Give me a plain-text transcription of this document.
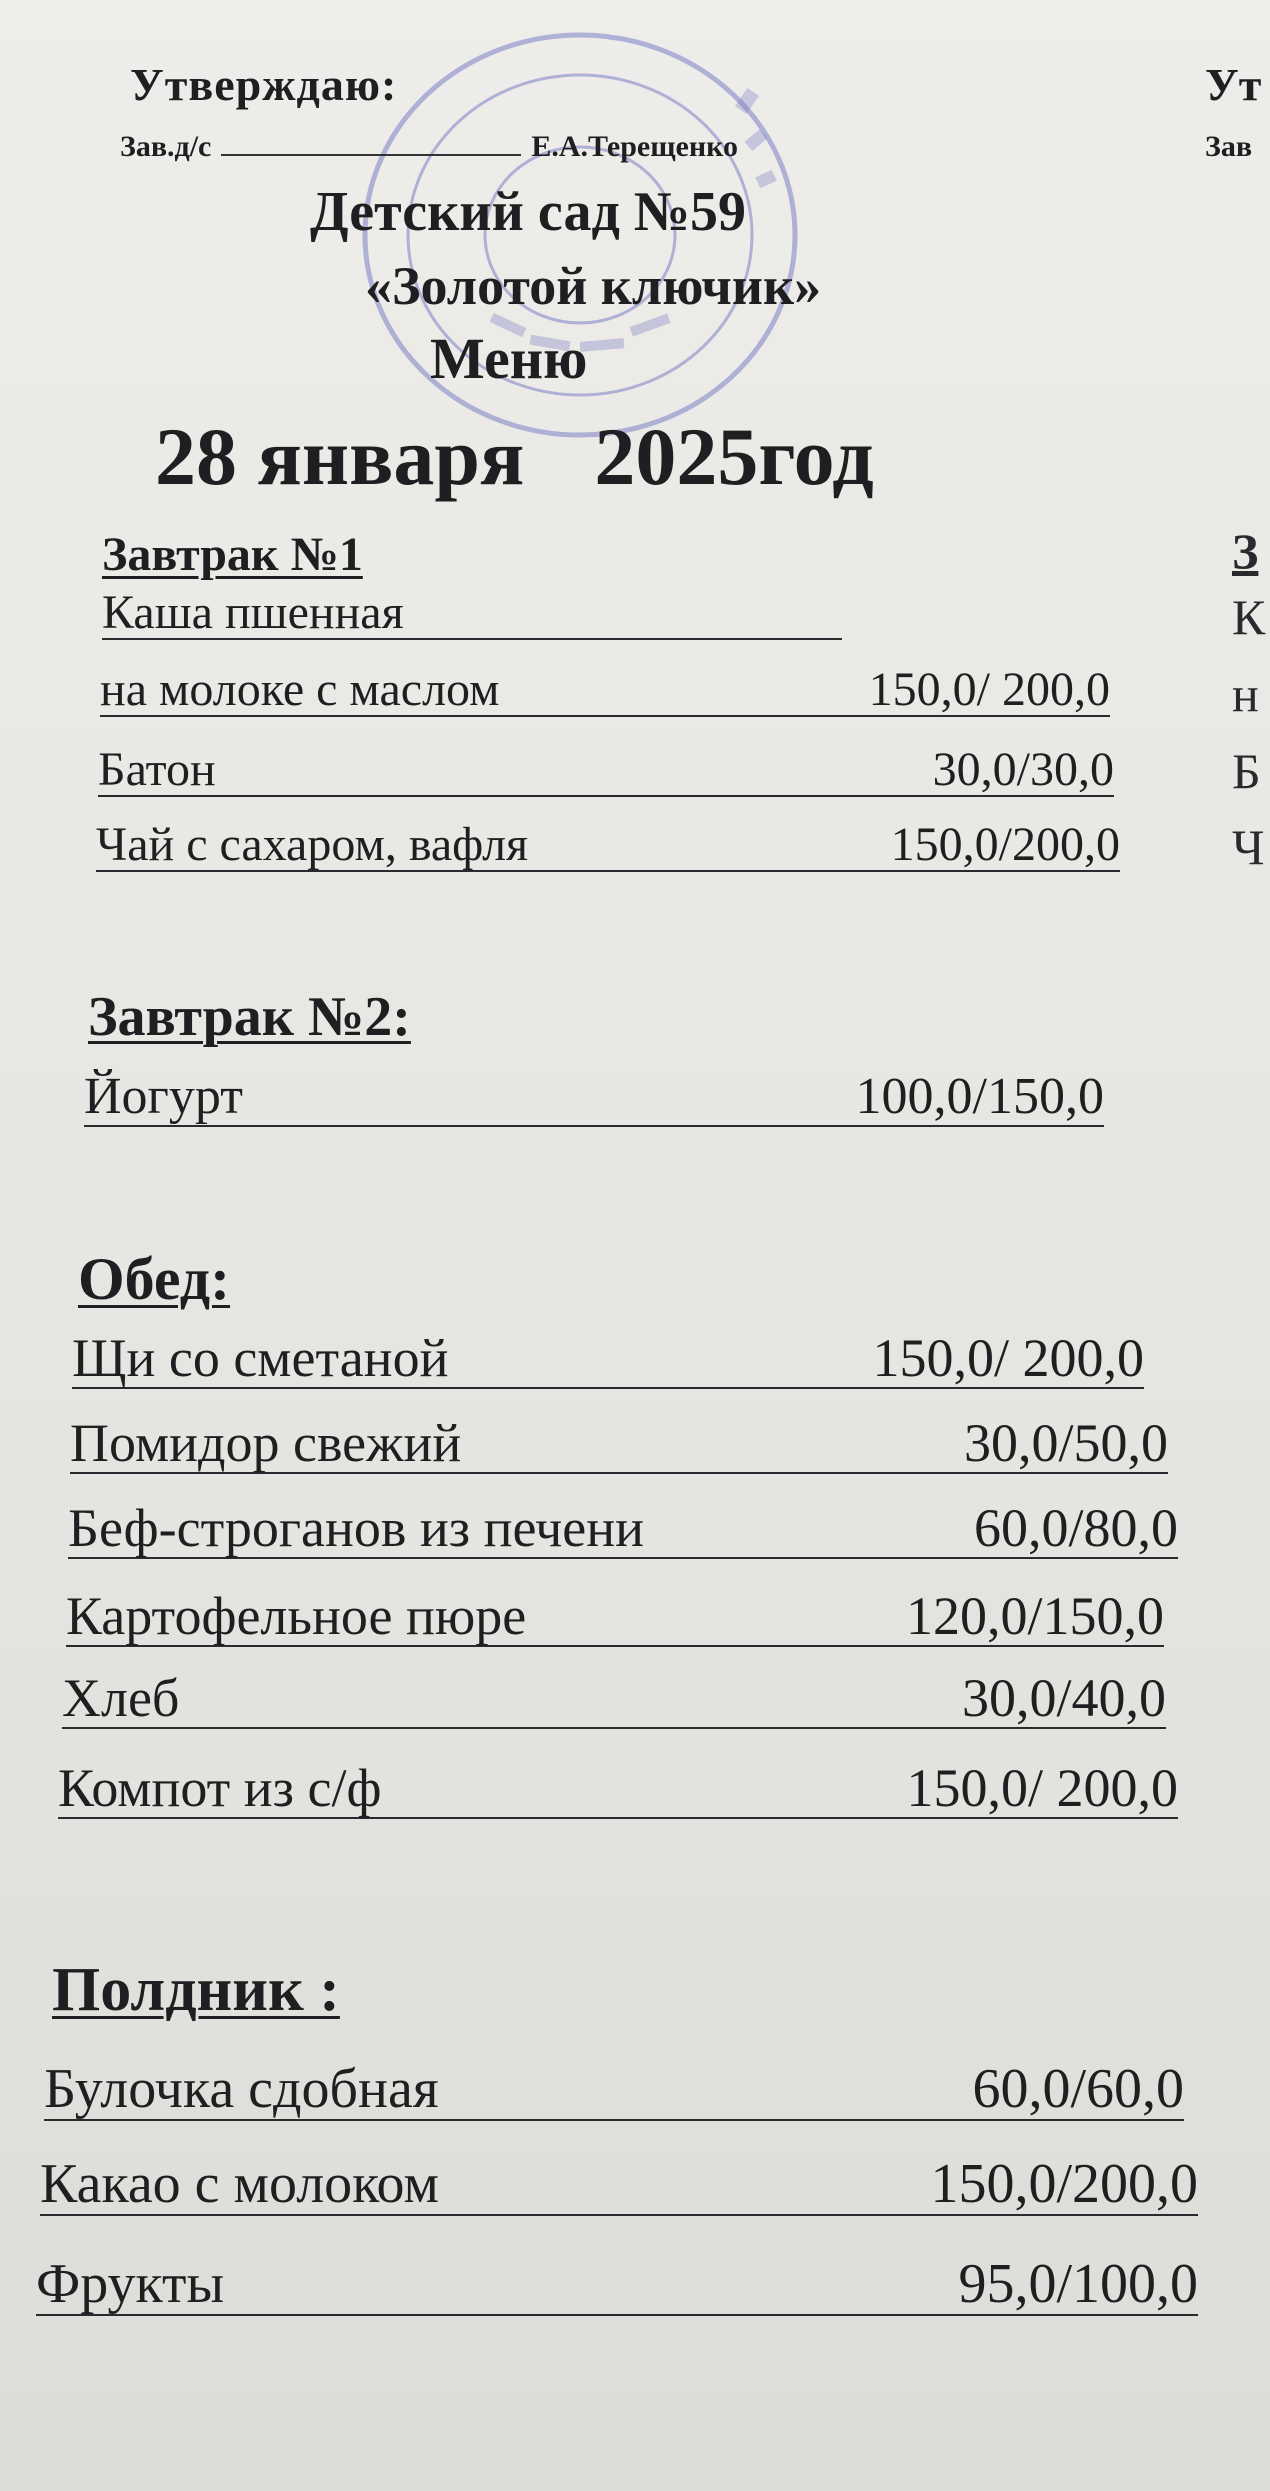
Утверждаю:	Ут
Зав.д/с	Е.А.Терещенко	Зав
Детский сад №59
«Золотой ключик»
Меню
28 января 2025год
Завтрак №1
Каша пшенная
на молоке с маслом	150,0/ 200,0
Батон	30,0/30,0
Чай с сахаром, вафля	150,0/200,0
Завтрак №2:
Йогурт	100,0/150,0
Обед:
Щи со сметаной	150,0/ 200,0
Помидор свежий	30,0/50,0
Беф-строганов из печени	60,0/80,0
Картофельное пюре	120,0/150,0
Хлеб	30,0/40,0
Компот из с/ф	150,0/ 200,0
Полдник :
Булочка сдобная	60,0/60,0
Какао с молоком	150,0/200,0
Фрукты	95,0/100,0
З
К
н
Б
Ч
